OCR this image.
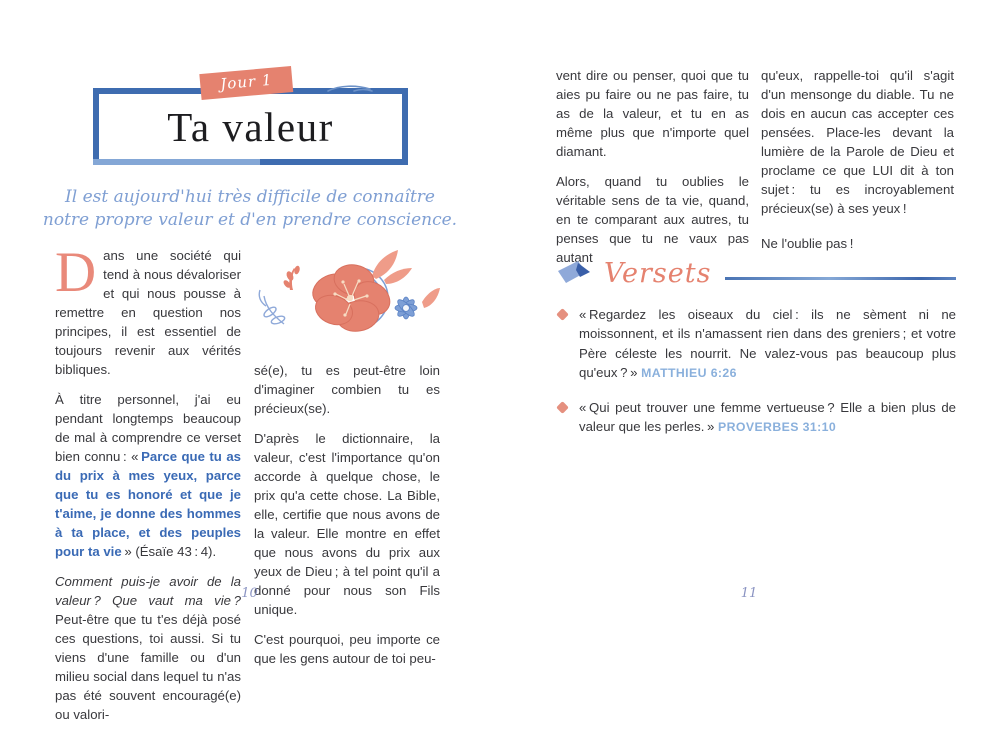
Jour 1
Ta valeur
Il est aujourd'hui très difficile de connaître
notre propre valeur et d'en prendre conscience.

Dans une société qui tend à nous dévaloriser et qui nous pousse à remettre en question nos principes, il est essentiel de toujours revenir aux vérités bibliques.

À titre personnel, j'ai eu pendant longtemps beaucoup de mal à comprendre ce verset bien connu : « Parce que tu as du prix à mes yeux, parce que tu es honoré et que je t'aime, je donne des hommes à ta place, et des peuples pour ta vie » (Ésaïe 43 : 4).

Comment puis-je avoir de la valeur ? Que vaut ma vie ? Peut-être que tu t'es déjà posé ces questions, toi aussi. Si tu viens d'une famille ou d'un milieu social dans lequel tu n'as pas été souvent encouragé(e) ou valori-

sé(e), tu es peut-être loin d'imaginer combien tu es précieux(se).

D'après le dictionnaire, la valeur, c'est l'importance qu'on accorde à quelque chose, le prix qu'a cette chose. La Bible, elle, certifie que nous avons de la valeur. Elle montre en effet que nous avons du prix aux yeux de Dieu ; à tel point qu'il a donné pour nous son Fils unique.

C'est pourquoi, peu importe ce que les gens autour de toi peu-

10

vent dire ou penser, quoi que tu aies pu faire ou ne pas faire, tu as de la valeur, et tu en as même plus que n'importe quel diamant.

Alors, quand tu oublies le véritable sens de ta vie, quand, en te comparant aux autres, tu penses que tu ne vaux pas autant

qu'eux, rappelle-toi qu'il s'agit d'un mensonge du diable. Tu ne dois en aucun cas accepter ces pensées. Place-les devant la lumière de la Parole de Dieu et proclame ce que LUI dit à ton sujet : tu es incroyablement précieux(se) à ses yeux !

Ne l'oublie pas !

Versets
« Regardez les oiseaux du ciel : ils ne sèment ni ne moissonnent, et ils n'amassent rien dans des greniers ; et votre Père céleste les nourrit. Ne valez-vous pas beaucoup plus qu'eux ? » MATTHIEU 6:26
« Qui peut trouver une femme vertueuse ? Elle a bien plus de valeur que les perles. » PROVERBES 31:10
11
